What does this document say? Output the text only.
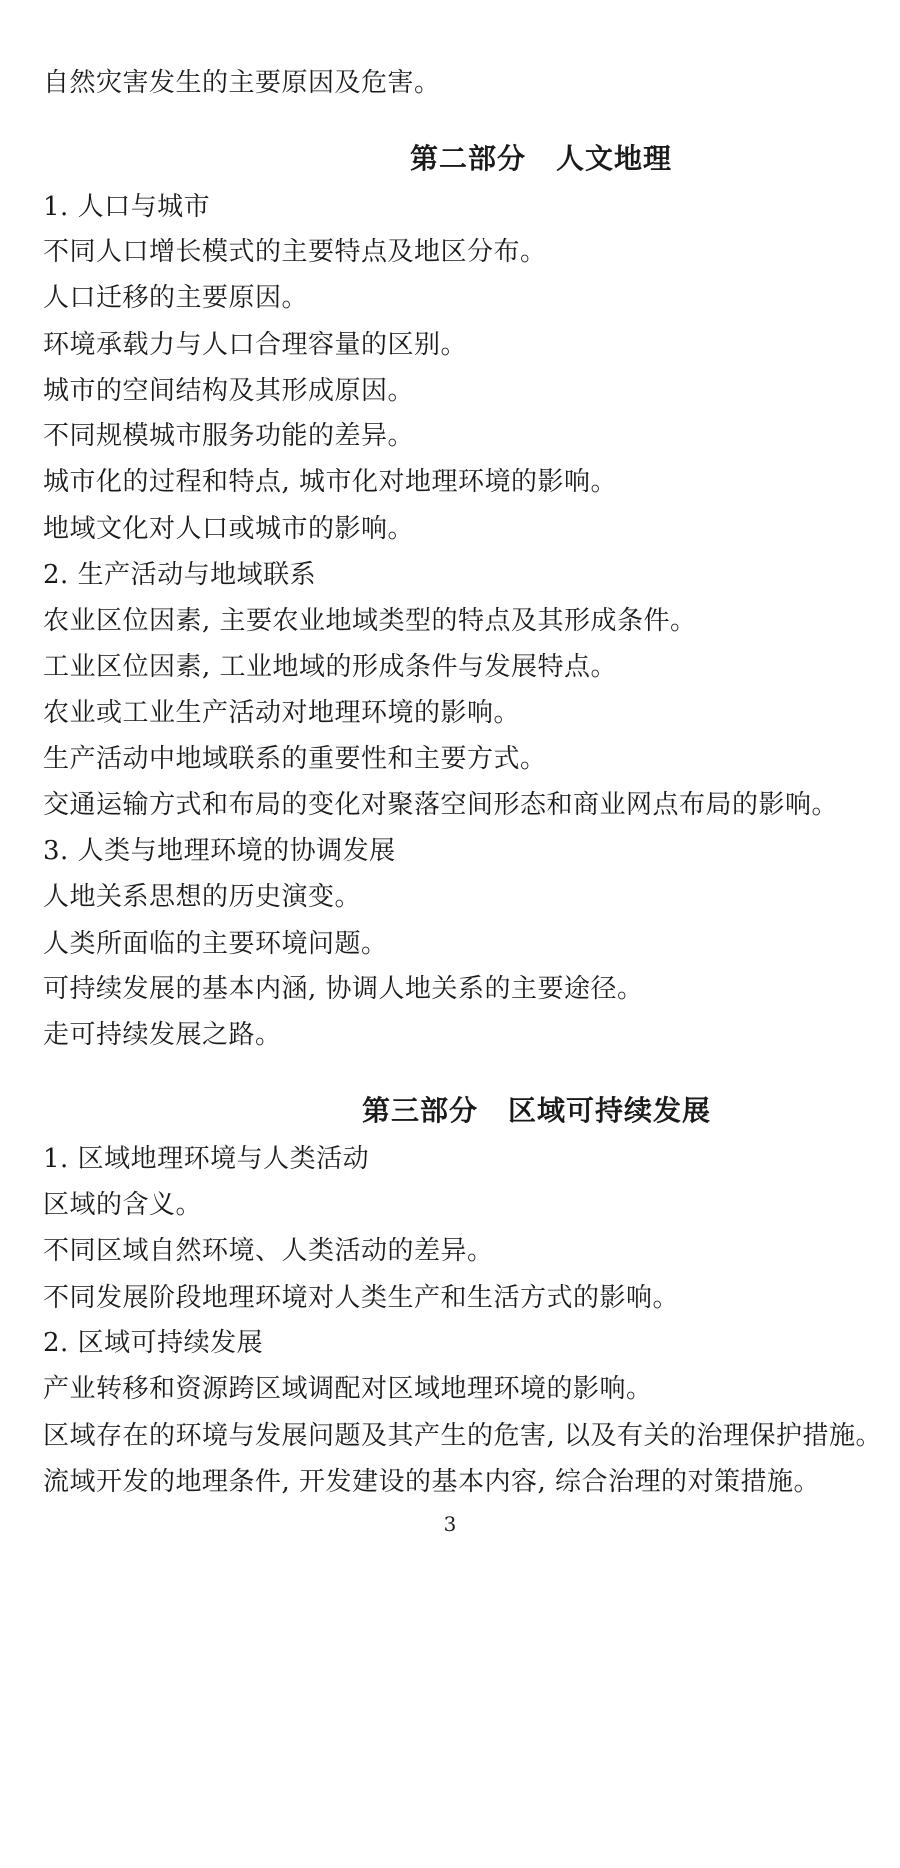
自然灾害发生的主要原因及危害。
第二部分 人文地理
1. 人口与城市
不同人口增长模式的主要特点及地区分布。
人口迁移的主要原因。
环境承载力与人口合理容量的区别。
城市的空间结构及其形成原因。
不同规模城市服务功能的差异。
城市化的过程和特点, 城市化对地理环境的影响。
地域文化对人口或城市的影响。
2. 生产活动与地域联系
农业区位因素, 主要农业地域类型的特点及其形成条件。
工业区位因素, 工业地域的形成条件与发展特点。
农业或工业生产活动对地理环境的影响。
生产活动中地域联系的重要性和主要方式。
交通运输方式和布局的变化对聚落空间形态和商业网点布局的影响。
3. 人类与地理环境的协调发展
人地关系思想的历史演变。
人类所面临的主要环境问题。
可持续发展的基本内涵, 协调人地关系的主要途径。
走可持续发展之路。
第三部分 区域可持续发展
1. 区域地理环境与人类活动
区域的含义。
不同区域自然环境、人类活动的差异。
不同发展阶段地理环境对人类生产和生活方式的影响。
2. 区域可持续发展
产业转移和资源跨区域调配对区域地理环境的影响。
区域存在的环境与发展问题及其产生的危害, 以及有关的治理保护措施。
流域开发的地理条件, 开发建设的基本内容, 综合治理的对策措施。
3
